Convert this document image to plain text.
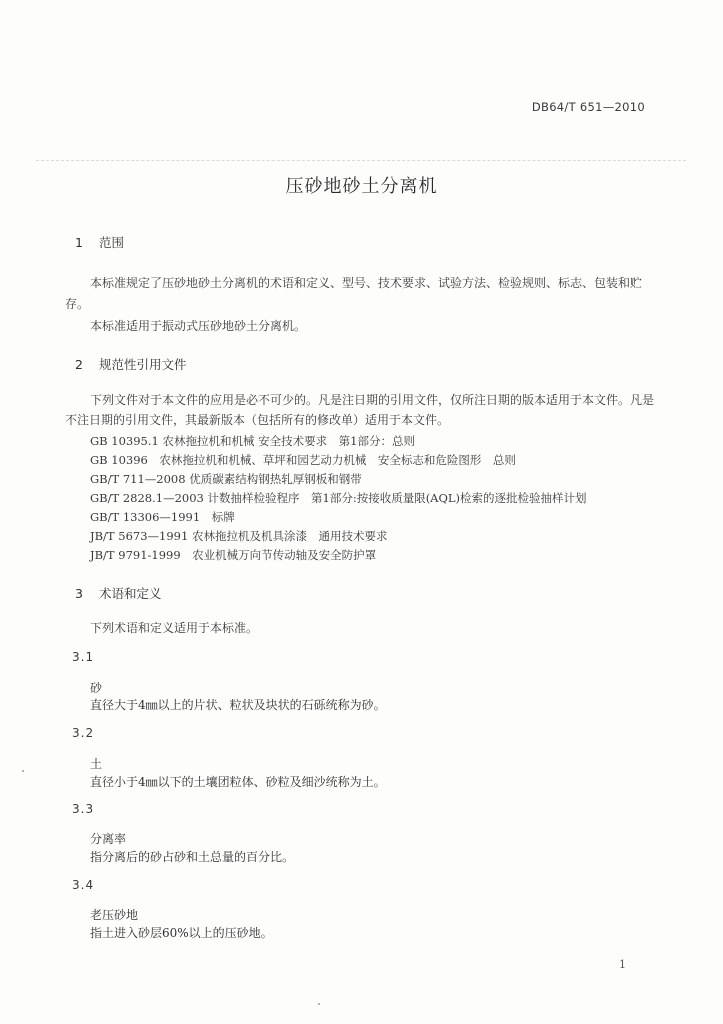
DB64/T 651—2010
压砂地砂土分离机
1 范围
本标准规定了压砂地砂土分离机的术语和定义、型号、技术要求、试验方法、检验规则、标志、包装和贮存。
本标准适用于振动式压砂地砂土分离机。
2 规范性引用文件
下列文件对于本文件的应用是必不可少的。凡是注日期的引用文件，仅所注日期的版本适用于本文件。凡是不注日期的引用文件，其最新版本（包括所有的修改单）适用于本文件。
GB 10395.1 农林拖拉机和机械 安全技术要求　第1部分：总则
GB 10396　农林拖拉机和机械、草坪和园艺动力机械　安全标志和危险图形　总则
GB/T 711—2008 优质碳素结构钢热轧厚钢板和钢带
GB/T 2828.1—2003 计数抽样检验程序　第1部分:按接收质量限(AQL)检索的逐批检验抽样计划
GB/T 13306—1991　标牌
JB/T 5673—1991 农林拖拉机及机具涂漆　通用技术要求
JB/T 9791-1999　农业机械万向节传动轴及安全防护罩
3 术语和定义
下列术语和定义适用于本标准。
3.1
砂
直径大于4㎜以上的片状、粒状及块状的石砾统称为砂。
3.2
土
直径小于4㎜以下的土壤团粒体、砂粒及细沙统称为土。
3.3
分离率
指分离后的砂占砂和土总量的百分比。
3.4
老压砂地
指土进入砂层60%以上的压砂地。
1
